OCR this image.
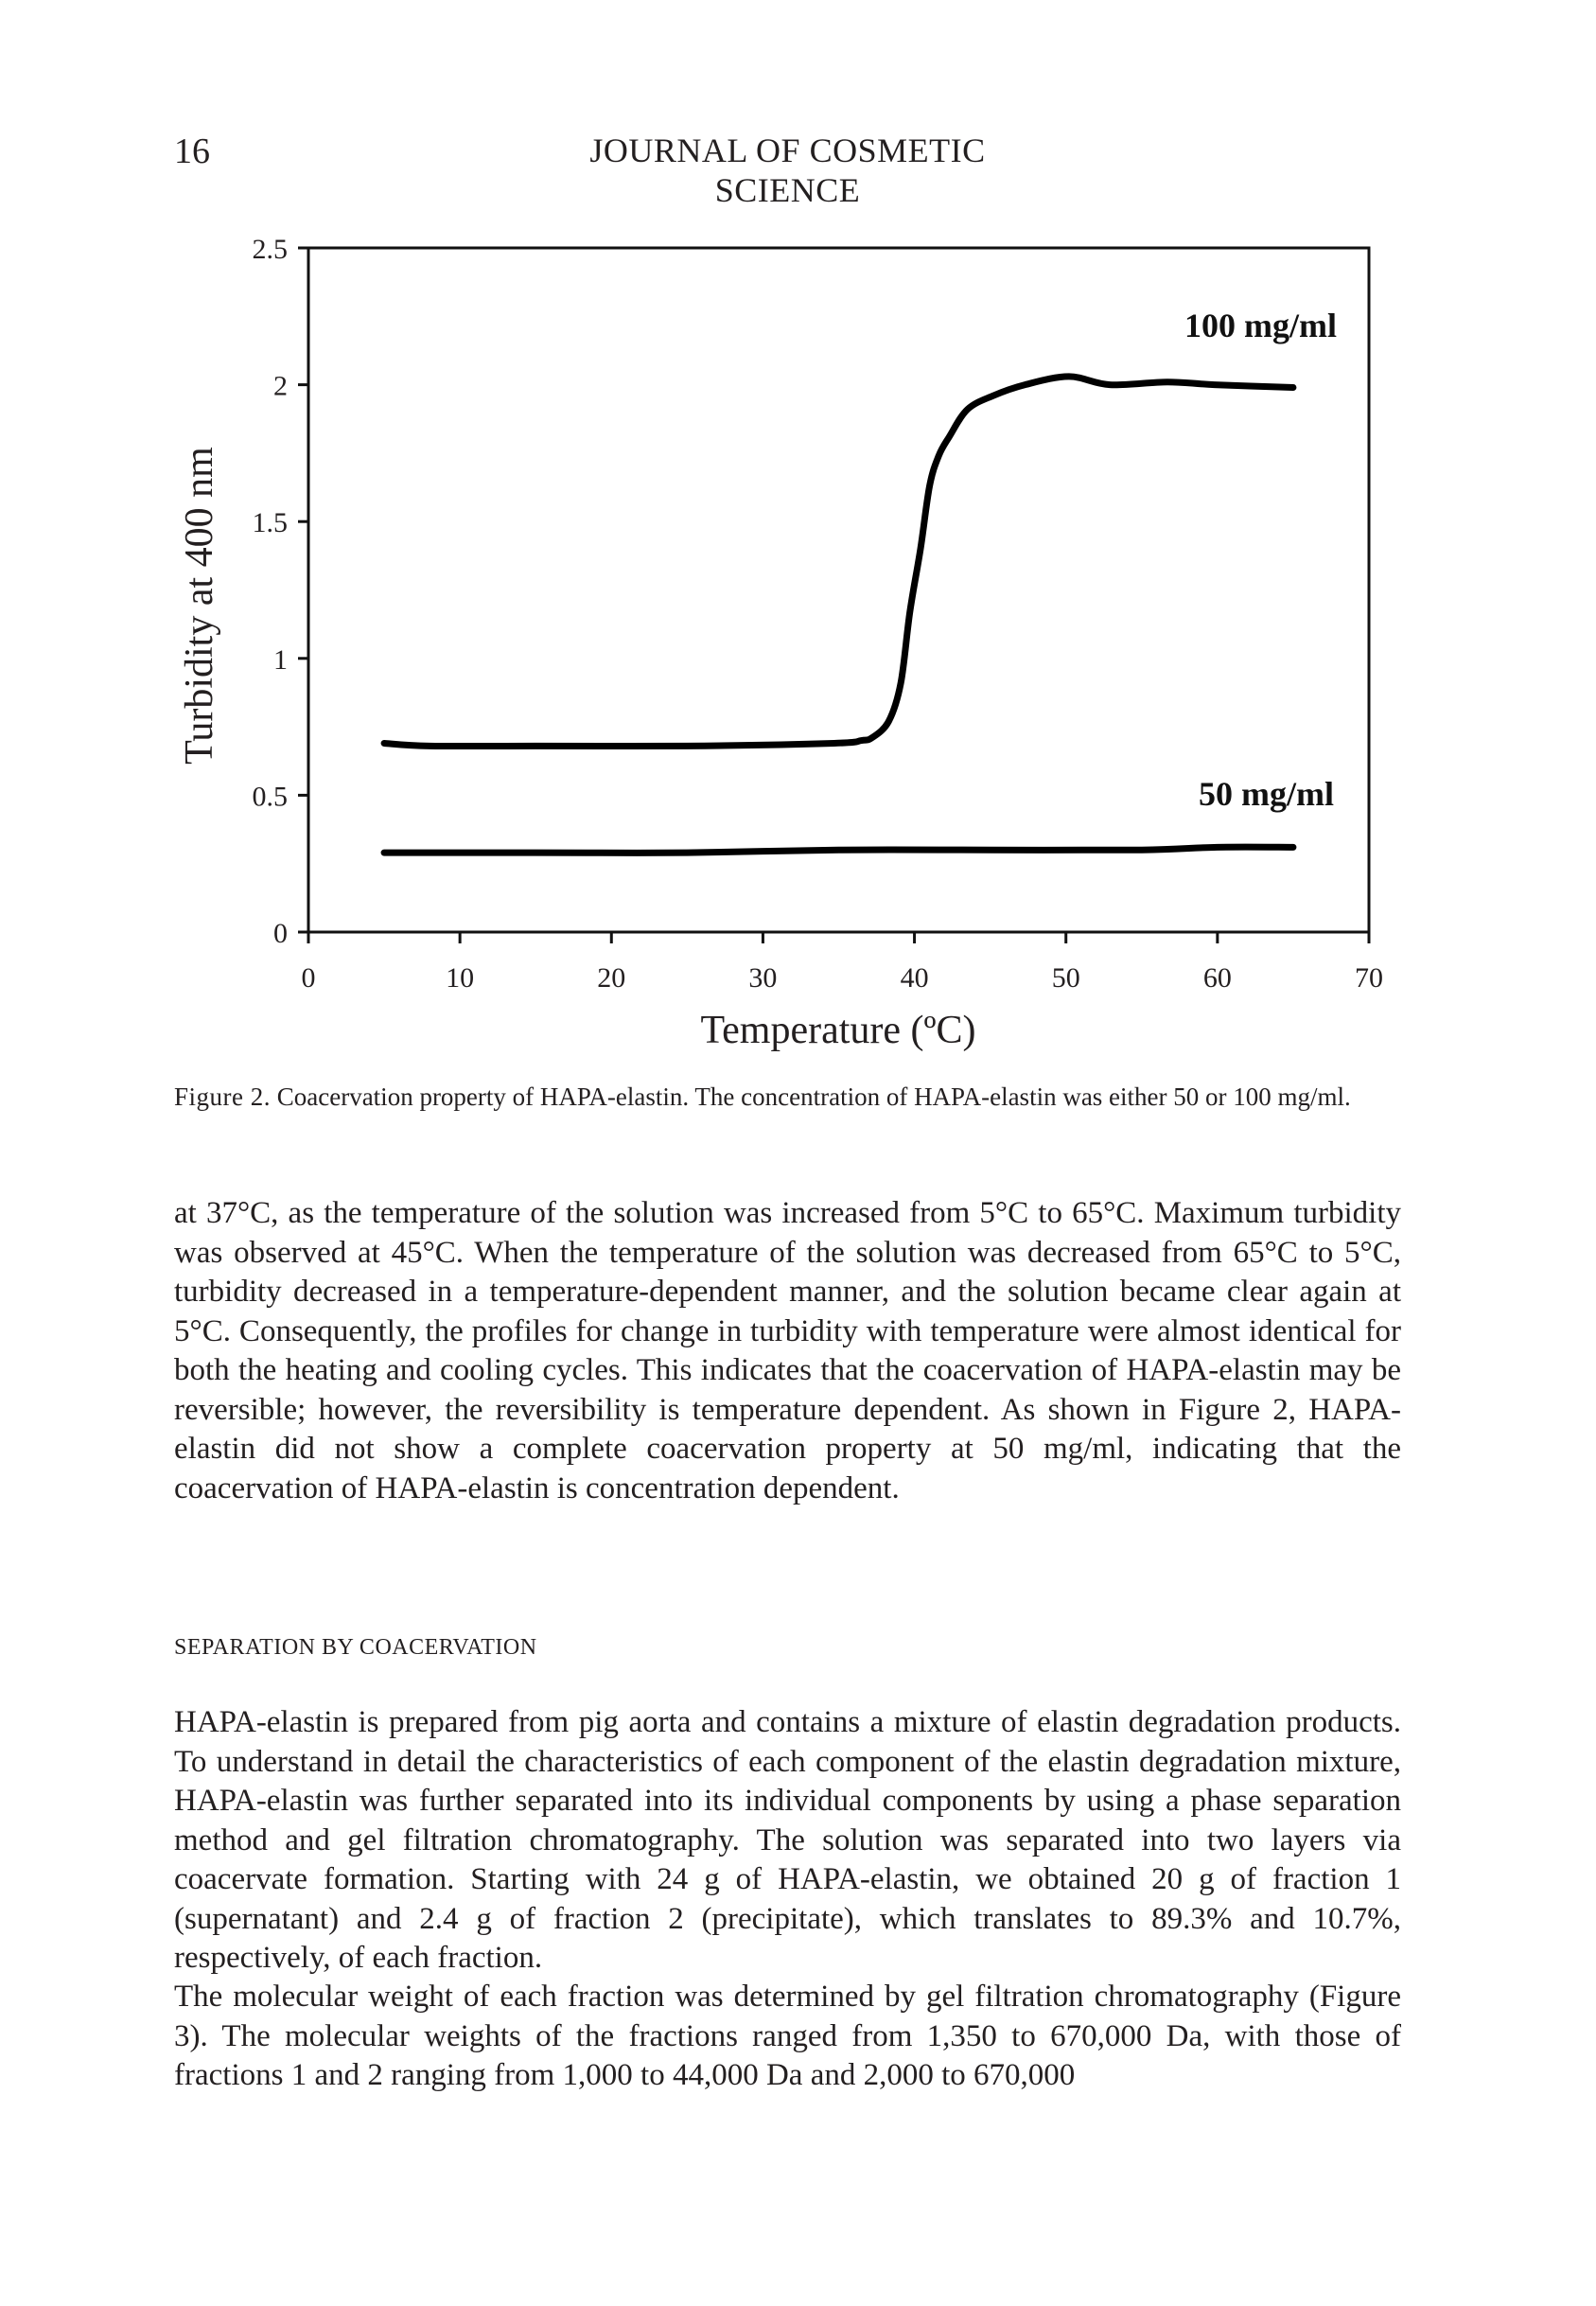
16	JOURNAL OF COSMETIC SCIENCE
0
0.5
1
1.5
2
2.5
0	10	20	30	40	50	60	70
Temperature (ºC)
Turbidity at 400 nm
100 mg/ml
50 mg/ml
Figure 2. Coacervation property of HAPA-elastin. The concentration of HAPA-elastin was either 50 or 100 mg/ml.

at 37°C, as the temperature of the solution was increased from 5°C to 65°C. Maximum turbidity was observed at 45°C. When the temperature of the solution was decreased from 65°C to 5°C, turbidity decreased in a temperature-dependent manner, and the solution became clear again at 5°C. Consequently, the profiles for change in turbidity with temperature were almost identical for both the heating and cooling cycles. This indicates that the coacervation of HAPA-elastin may be reversible; however, the reversibility is temperature dependent. As shown in Figure 2, HAPA-elastin did not show a complete coacervation property at 50 mg/ml, indicating that the coacervation of HAPA-elastin is concentration dependent.

SEPARATION BY COACERVATION

HAPA-elastin is prepared from pig aorta and contains a mixture of elastin degradation products. To understand in detail the characteristics of each component of the elastin degradation mixture, HAPA-elastin was further separated into its individual components by using a phase separation method and gel filtration chromatography. The solution was separated into two layers via coacervate formation. Starting with 24 g of HAPA-elastin, we obtained 20 g of fraction 1 (supernatant) and 2.4 g of fraction 2 (precipitate), which translates to 89.3% and 10.7%, respectively, of each fraction.

The molecular weight of each fraction was determined by gel filtration chromatography (Figure 3). The molecular weights of the fractions ranged from 1,350 to 670,000 Da, with those of fractions 1 and 2 ranging from 1,000 to 44,000 Da and 2,000 to 670,000
